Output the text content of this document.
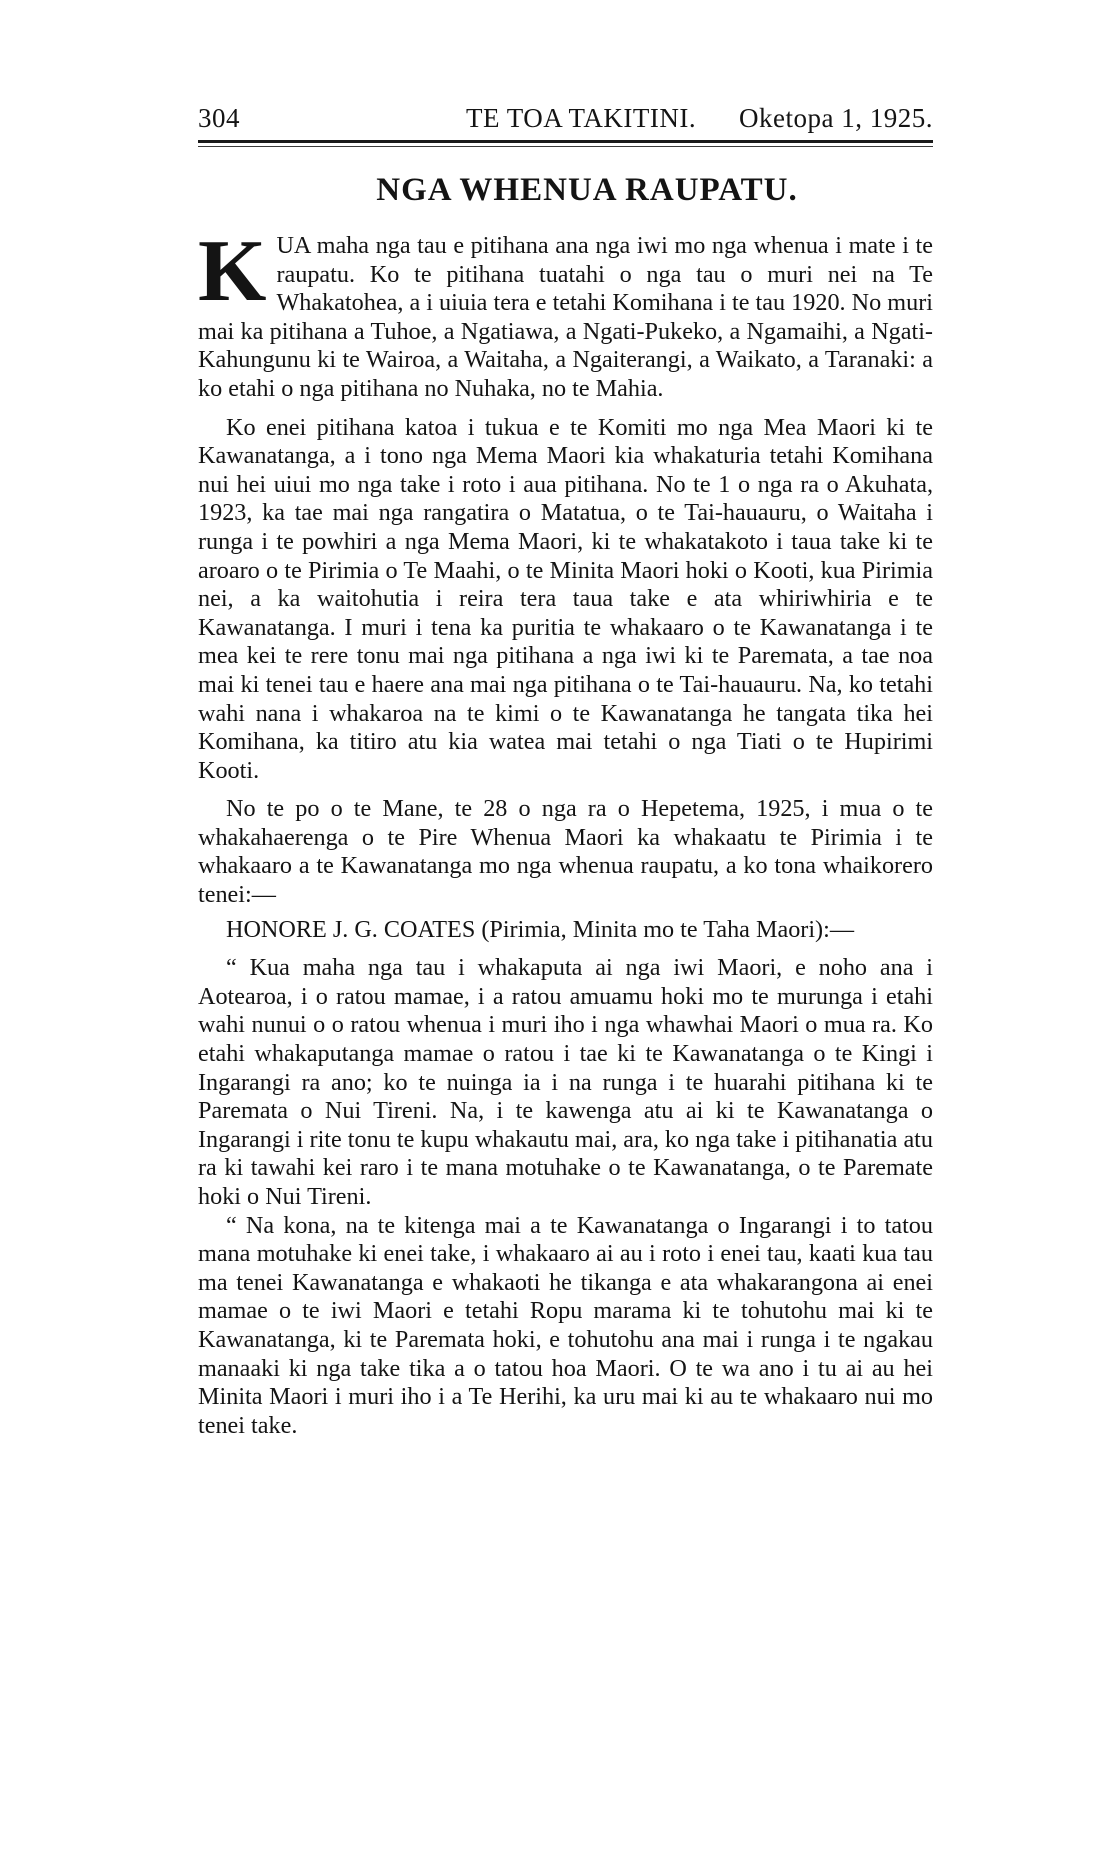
304	TE TOA TAKITINI. Oketopa 1, 1925.
NGA WHENUA RAUPATU.

KUA maha nga tau e pitihana ana nga iwi mo nga whenua i mate i te raupatu. Ko te pitihana tuatahi o nga tau o muri nei na Te Whakatohea, a i uiuia tera e tetahi Komihana i te tau 1920. No muri mai ka pitihana a Tuhoe, a Ngatiawa, a Ngati-Pukeko, a Ngamaihi, a Ngati-Kahungunu ki te Wairoa, a Waitaha, a Ngaiterangi, a Waikato, a Taranaki: a ko etahi o nga pitihana no Nuhaka, no te Mahia.

Ko enei pitihana katoa i tukua e te Komiti mo nga Mea Maori ki te Kawanatanga, a i tono nga Mema Maori kia whakaturia tetahi Komihana nui hei uiui mo nga take i roto i aua pitihana. No te 1 o nga ra o Akuhata, 1923, ka tae mai nga rangatira o Matatua, o te Tai-hauauru, o Waitaha i runga i te powhiri a nga Mema Maori, ki te whakatakoto i taua take ki te aroaro o te Pirimia o Te Maahi, o te Minita Maori hoki o Kooti, kua Pirimia nei, a ka waitohutia i reira tera taua take e ata whiriwhiria e te Kawanatanga. I muri i tena ka puritia te whakaaro o te Kawanatanga i te mea kei te rere tonu mai nga pitihana a nga iwi ki te Paremata, a tae noa mai ki tenei tau e haere ana mai nga pitihana o te Tai-hauauru. Na, ko tetahi wahi nana i whakaroa na te kimi o te Kawanatanga he tangata tika hei Komihana, ka titiro atu kia watea mai tetahi o nga Tiati o te Hupirimi Kooti.

No te po o te Mane, te 28 o nga ra o Hepetema, 1925, i mua o te whakahaerenga o te Pire Whenua Maori ka whakaatu te Pirimia i te whakaaro a te Kawanatanga mo nga whenua raupatu, a ko tona whaikorero tenei:—

HONORE J. G. COATES (Pirimia, Minita mo te Taha Maori):—

“ Kua maha nga tau i whakaputa ai nga iwi Maori, e noho ana i Aotearoa, i o ratou mamae, i a ratou amuamu hoki mo te murunga i etahi wahi nunui o o ratou whenua i muri iho i nga whawhai Maori o mua ra. Ko etahi whakaputanga mamae o ratou i tae ki te Kawanatanga o te Kingi i Ingarangi ra ano; ko te nuinga ia i na runga i te huarahi pitihana ki te Paremata o Nui Tireni. Na, i te kawenga atu ai ki te Kawanatanga o Ingarangi i rite tonu te kupu whakautu mai, ara, ko nga take i pitihanatia atu ra ki tawahi kei raro i te mana motuhake o te Kawanatanga, o te Paremate hoki o Nui Tireni.

“ Na kona, na te kitenga mai a te Kawanatanga o Ingarangi i to tatou mana motuhake ki enei take, i whakaaro ai au i roto i enei tau, kaati kua tau ma tenei Kawanatanga e whakaoti he tikanga e ata whakarangona ai enei mamae o te iwi Maori e tetahi Ropu marama ki te tohutohu mai ki te Kawanatanga, ki te Paremata hoki, e tohutohu ana mai i runga i te ngakau manaaki ki nga take tika a o tatou hoa Maori. O te wa ano i tu ai au hei Minita Maori i muri iho i a Te Herihi, ka uru mai ki au te whakaaro nui mo tenei take.
